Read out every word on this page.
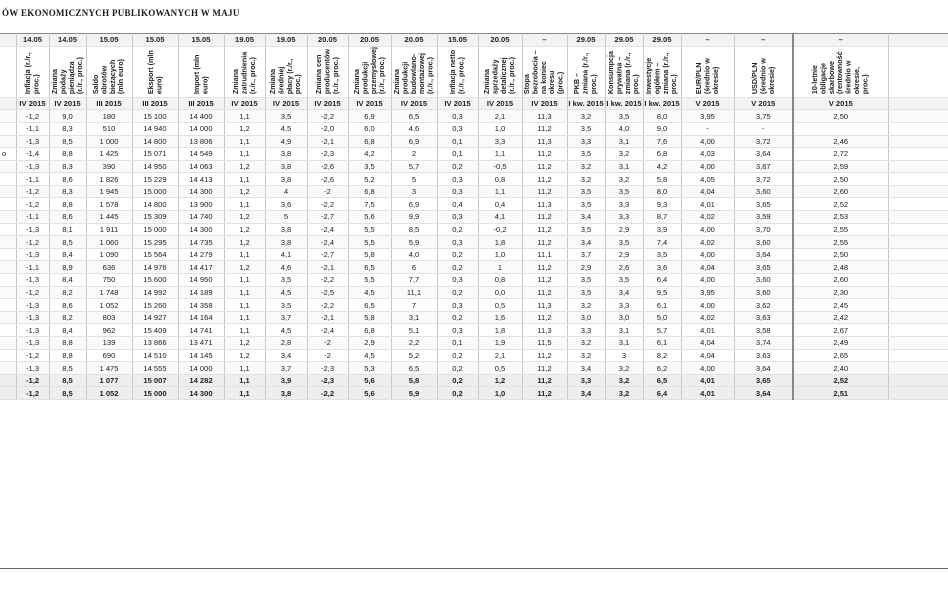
ÓW EKONOMICZNYCH PUBLIKOWANYCH W MAJU
	14.05	14.05	15.05	15.05	15.05	19.05	19.05	20.05	20.05	20.05	15.05	20.05	–	29.05	29.05	29.05	–	–	–	

	Inflacja (r./r., proc.)	Zmiana podaży pieniądza (r./r., proc.)	Saldo obrotów bieżących (mln euro)	Eksport (mln euro)	Import (mln euro)	Zmiana zatrudnienia (r./r., proc.)	Zmiana średniej płacy (r./r., proc.)	Zmiana cen producentów (r./r., proc.)	Zmiana produkcji przemysłowej (r./r., proc.)	Zmiana produkcji budowlano-montażowej (r./r., proc.)	Inflacja netto (r./r., proc.)	Zmiana sprzedaży detalicznej (r./r., proc.)	Stopa bezrobocia – na koniec okresu (proc.)	PKB – zmiana (r./r., proc.)	Konsumpcja prywatna – zmiana (r./r., proc.)	Inwestycje ogółem – zmiana (r./r., proc.)	EUR/PLN (średnio w okresie)	USD/PLN (średnio w okresie)	10-letnie obligacje skarbowe (rentowność średnio w okresie, proc.)	

	IV 2015	IV 2015	III 2015	III 2015	III 2015	IV 2015	IV 2015	IV 2015	IV 2015	IV 2015	IV 2015	IV 2015	IV 2015	I kw. 2015	I kw. 2015	I kw. 2015	V 2015	V 2015	V 2015	
	-1,2	9,0	180	15 100	14 400	1,1	3,5	-2,2	6,9	6,5	0,3	2,1	11,3	3,2	3,5	8,0	3,95	3,75	2,50	
	-1,1	8,3	510	14 940	14 000	1,2	4,5	-2,0	6,0	4,6	0,3	1,0	11,2	3,5	4,0	9,0	-	-		
	-1,3	8,5	1 000	14 800	13 806	1,1	4,9	-2,1	6,8	6,9	0,1	3,3	11,3	3,3	3,1	7,6	4,00	3,72	2,46	
o	-1,4	8,8	1 425	15 071	14 549	1,1	3,8	-2,3	4,2	2	0,1	1,1	11,2	3,5	3,2	6,8	4,03	3,64	2,72	
	-1,3	8,3	390	14 950	14 063	1,2	3,8	-2,6	3,5	5,7	0,2	-0,5	11,2	3,2	3,1	4,2	4,00	3,67	2,59	
	-1,1	8,6	1 826	15 229	14 413	1,1	3,8	-2,6	5,2	5	0,3	0,8	11,2	3,2	3,2	5,8	4,05	3,72	2,50	
	-1,2	8,3	1 945	15 000	14 300	1,2	4	-2	6,8	3	0,3	1,1	11,2	3,5	3,5	8,0	4,04	3,60	2,60	
	-1,2	8,8	1 578	14 800	13 900	1,1	3,6	-2,2	7,5	6,9	0,4	0,4	11,3	3,5	3,3	9,3	4,01	3,65	2,52	
	-1,1	8,6	1 445	15 309	14 740	1,2	5	-2,7	5,6	9,9	0,3	4,1	11,2	3,4	3,3	8,7	4,02	3,59	2,53	
	-1,3	8,1	1 911	15 000	14 300	1,2	3,8	-2,4	5,5	8,5	0,2	-0,2	11,2	3,5	2,9	3,9	4,00	3,70	2,55	
	-1,2	8,5	1 060	15 295	14 735	1,2	3,8	-2,4	5,5	5,9	0,3	1,8	11,2	3,4	3,5	7,4	4,02	3,60	2,55	
	-1,3	8,4	1 090	15 564	14 279	1,1	4,1	-2,7	5,8	4,0	0,2	1,0	11,1	3,7	2,9	3,5	4,00	3,64	2,50	
	-1,1	8,9	636	14 976	14 417	1,2	4,6	-2,1	6,5	6	0,2	1	11,2	2,9	2,6	3,6	4,04	3,65	2,48	
	-1,3	8,4	750	15 600	14 950	1,1	3,5	-2,2	5,5	7,7	0,3	0,8	11,2	3,5	3,5	6,4	4,00	3,60	2,60	
	-1,2	8,2	1 748	14 992	14 189	1,1	4,5	-2,5	4,5	11,1	0,2	0,0	11,2	3,5	3,4	9,5	3,95	3,60	2,30	
	-1,3	8,6	1 052	15 260	14 358	1,1	3,5	-2,2	6,5	7	0,3	0,5	11,3	3,2	3,3	6,1	4,00	3,62	2,45	
	-1,3	8,2	803	14 927	14 164	1,1	3,7	-2,1	5,8	3,1	0,2	1,6	11,2	3,0	3,0	5,0	4,02	3,63	2,42	
	-1,3	8,4	962	15 409	14 741	1,1	4,5	-2,4	6,8	5,1	0,3	1,8	11,3	3,3	3,1	5,7	4,01	3,58	2,67	
	-1,3	8,8	139	13 866	13 471	1,2	2,8	-2	2,9	2,2	0,1	1,9	11,5	3,2	3,1	6,1	4,04	3,74	2,49	
	-1,2	8,8	690	14 510	14 145	1,2	3,4	-2	4,5	5,2	0,2	2,1	11,2	3,2	3	8,2	4,04	3,63	2,65	
	-1,3	8,5	1 475	14 555	14 000	1,1	3,7	-2,3	5,3	6,5	0,2	0,5	11,2	3,4	3,2	6,2	4,00	3,64	2,40	
	-1,2	8,5	1 077	15 007	14 282	1,1	3,9	-2,3	5,6	5,8	0,2	1,2	11,2	3,3	3,2	6,5	4,01	3,65	2,52	
	-1,2	8,5	1 052	15 000	14 300	1,1	3,8	-2,2	5,6	5,9	0,2	1,0	11,2	3,4	3,2	6,4	4,01	3,64	2,51	
